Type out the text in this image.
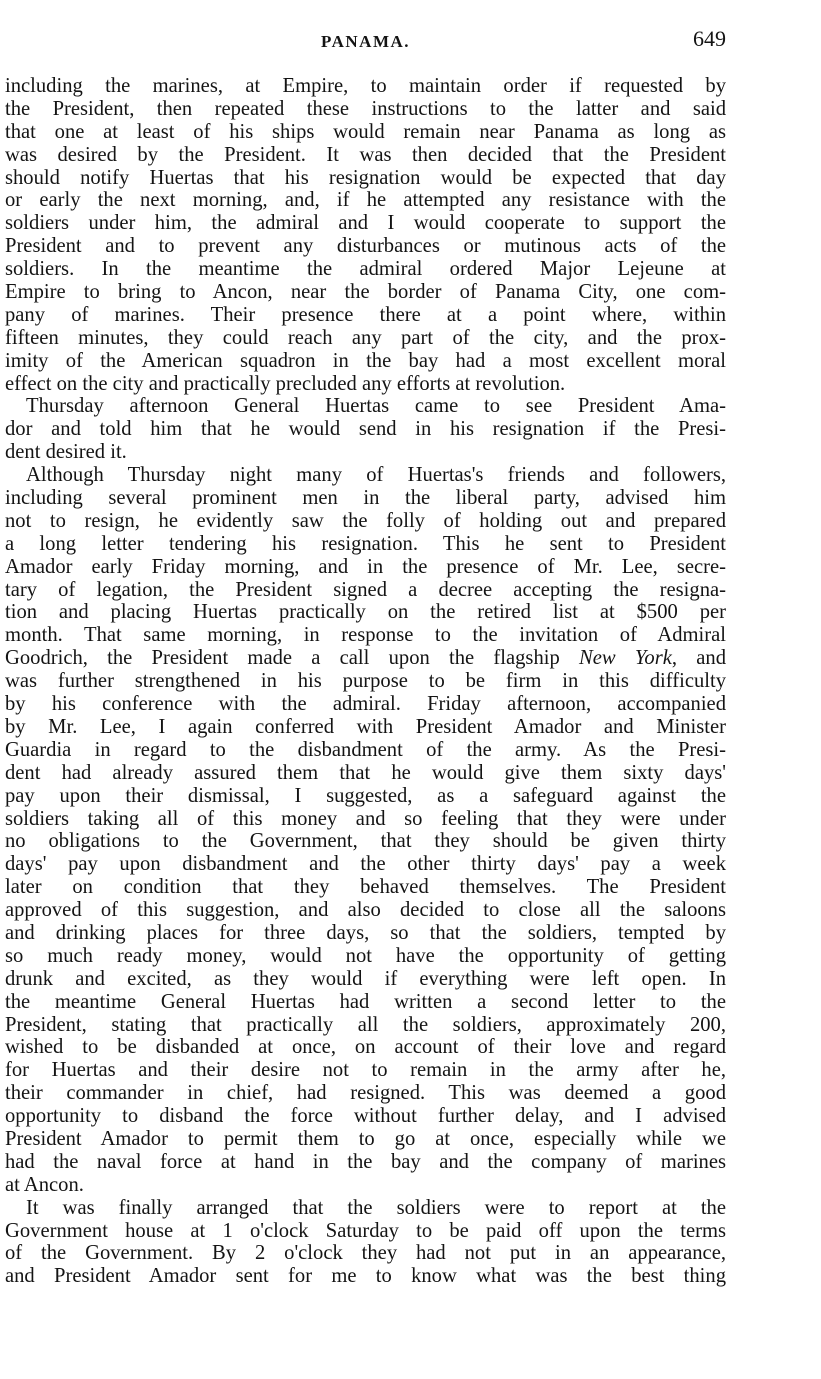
PANAMA.	649
including the marines, at Empire, to maintain order if requested by
the President, then repeated these instructions to the latter and said
that one at least of his ships would remain near Panama as long as
was desired by the President. It was then decided that the President
should notify Huertas that his resignation would be expected that day
or early the next morning, and, if he attempted any resistance with the
soldiers under him, the admiral and I would cooperate to support the
President and to prevent any disturbances or mutinous acts of the
soldiers. In the meantime the admiral ordered Major Lejeune at
Empire to bring to Ancon, near the border of Panama City, one com-
pany of marines. Their presence there at a point where, within
fifteen minutes, they could reach any part of the city, and the prox-
imity of the American squadron in the bay had a most excellent moral
effect on the city and practically precluded any efforts at revolution.
Thursday afternoon General Huertas came to see President Ama-
dor and told him that he would send in his resignation if the Presi-
dent desired it.
Although Thursday night many of Huertas's friends and followers,
including several prominent men in the liberal party, advised him
not to resign, he evidently saw the folly of holding out and prepared
a long letter tendering his resignation. This he sent to President
Amador early Friday morning, and in the presence of Mr. Lee, secre-
tary of legation, the President signed a decree accepting the resigna-
tion and placing Huertas practically on the retired list at $500 per
month. That same morning, in response to the invitation of Admiral
Goodrich, the President made a call upon the flagship New York, and
was further strengthened in his purpose to be firm in this difficulty
by his conference with the admiral. Friday afternoon, accompanied
by Mr. Lee, I again conferred with President Amador and Minister
Guardia in regard to the disbandment of the army. As the Presi-
dent had already assured them that he would give them sixty days'
pay upon their dismissal, I suggested, as a safeguard against the
soldiers taking all of this money and so feeling that they were under
no obligations to the Government, that they should be given thirty
days' pay upon disbandment and the other thirty days' pay a week
later on condition that they behaved themselves. The President
approved of this suggestion, and also decided to close all the saloons
and drinking places for three days, so that the soldiers, tempted by
so much ready money, would not have the opportunity of getting
drunk and excited, as they would if everything were left open. In
the meantime General Huertas had written a second letter to the
President, stating that practically all the soldiers, approximately 200,
wished to be disbanded at once, on account of their love and regard
for Huertas and their desire not to remain in the army after he,
their commander in chief, had resigned. This was deemed a good
opportunity to disband the force without further delay, and I advised
President Amador to permit them to go at once, especially while we
had the naval force at hand in the bay and the company of marines
at Ancon.
It was finally arranged that the soldiers were to report at the
Government house at 1 o'clock Saturday to be paid off upon the terms
of the Government. By 2 o'clock they had not put in an appearance,
and President Amador sent for me to know what was the best thing
